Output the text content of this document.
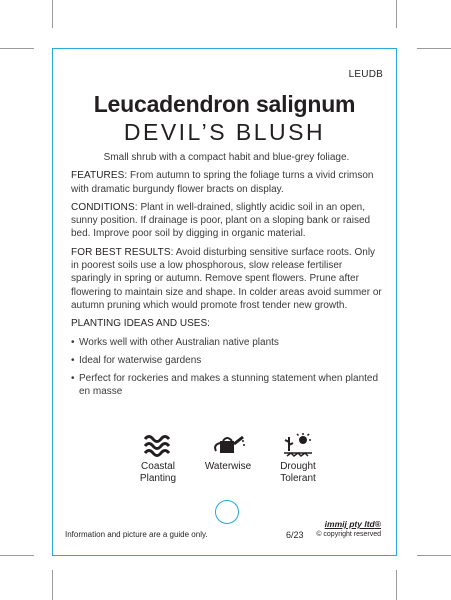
LEUDB
Leucadendron salignum
DEVIL’S BLUSH

Small shrub with a compact habit and blue-grey foliage.

FEATURES: From autumn to spring the foliage turns a vivid crimson with dramatic burgundy flower bracts on display.

CONDITIONS: Plant in well-drained, slightly acidic soil in an open, sunny position. If drainage is poor, plant on a sloping bank or raised bed. Improve poor soil by digging in organic material.

FOR BEST RESULTS: Avoid disturbing sensitive surface roots. Only in poorest soils use a low phosphorous, slow release fertiliser sparingly in spring or autumn. Remove spent flowers. Prune after flowering to maintain size and shape. In colder areas avoid summer or autumn pruning which would promote frost tender new growth.

PLANTING IDEAS AND USES:

• Works well with other Australian native plants
• Ideal for waterwise gardens
• Perfect for rockeries and makes a stunning statement when planted en masse
Coastal Planting
Waterwise	Drought Tolerant
Information and picture are a guide only.
immij pty ltd®
6/23 © copyright reserved
